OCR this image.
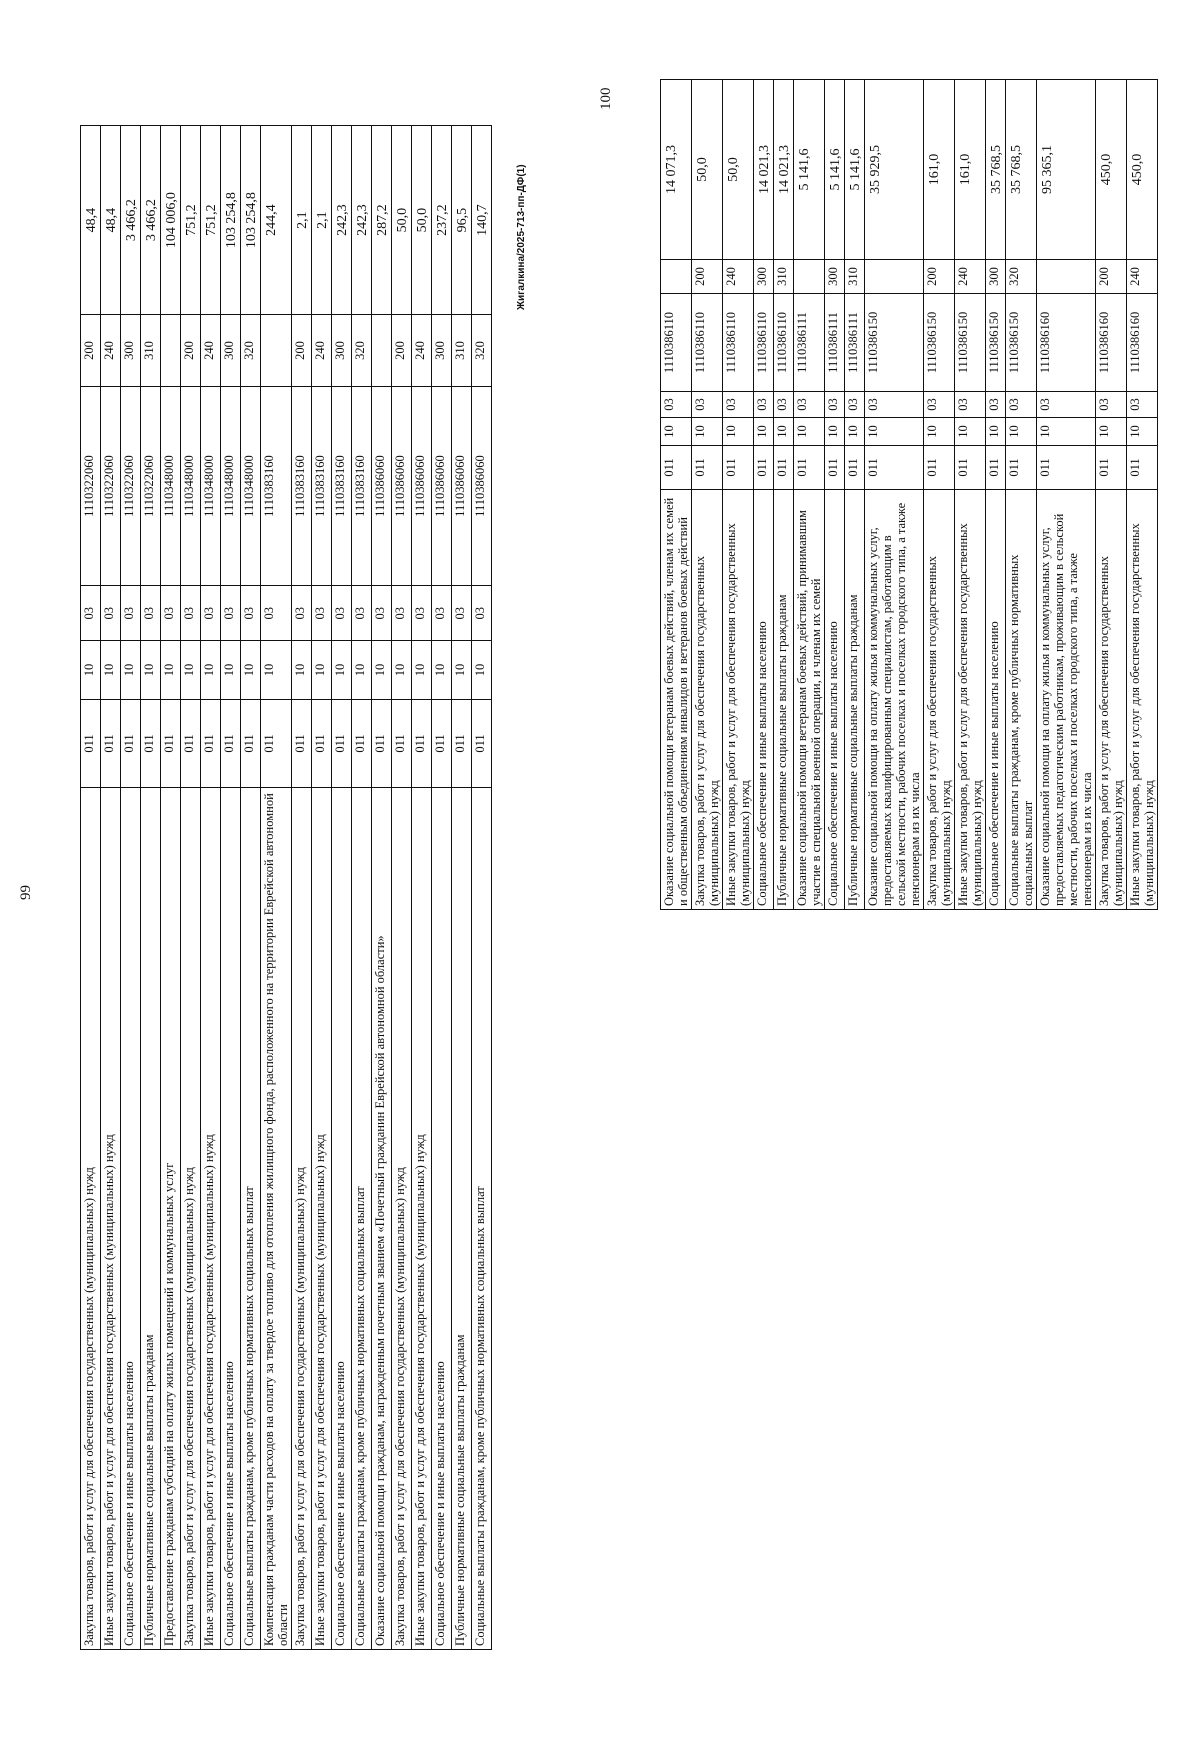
99
Закупка товаров, работ и услуг для обеспечения государственных (муниципальных) нужд	011	10	03	1110322060	200	48,4
Иные закупки товаров, работ и услуг для обеспечения государственных (муниципальных) нужд	011	10	03	1110322060	240	48,4
Социальное обеспечение и иные выплаты населению	011	10	03	1110322060	300	3 466,2
Публичные нормативные социальные выплаты гражданам	011	10	03	1110322060	310	3 466,2
Предоставление гражданам субсидий на оплату жилых помещений и коммунальных услуг	011	10	03	1110348000		104 006,0
Закупка товаров, работ и услуг для обеспечения государственных (муниципальных) нужд	011	10	03	1110348000	200	751,2
Иные закупки товаров, работ и услуг для обеспечения государственных (муниципальных) нужд	011	10	03	1110348000	240	751,2
Социальное обеспечение и иные выплаты населению	011	10	03	1110348000	300	103 254,8
Социальные выплаты гражданам, кроме публичных нормативных социальных выплат	011	10	03	1110348000	320	103 254,8
Компенсация гражданам части расходов на оплату за твердое топливо для отопления жилищного фонда, расположенного на территории Еврейской автономной области	011	10	03	1110383160		244,4
Закупка товаров, работ и услуг для обеспечения государственных (муниципальных) нужд	011	10	03	1110383160	200	2,1
Иные закупки товаров, работ и услуг для обеспечения государственных (муниципальных) нужд	011	10	03	1110383160	240	2,1
Социальное обеспечение и иные выплаты населению	011	10	03	1110383160	300	242,3
Социальные выплаты гражданам, кроме публичных нормативных социальных выплат	011	10	03	1110383160	320	242,3
Оказание социальной помощи гражданам, награжденным почетным званием «Почетный гражданин Еврейской автономной области»	011	10	03	1110386060		287,2
Закупка товаров, работ и услуг для обеспечения государственных (муниципальных) нужд	011	10	03	1110386060	200	50,0
Иные закупки товаров, работ и услуг для обеспечения государственных (муниципальных) нужд	011	10	03	1110386060	240	50,0
Социальное обеспечение и иные выплаты населению	011	10	03	1110386060	300	237,2
Публичные нормативные социальные выплаты гражданам	011	10	03	1110386060	310	96,5
Социальные выплаты гражданам, кроме публичных нормативных социальных выплат	011	10	03	1110386060	320	140,7	Жигалкина/2025-713-пп-ДФ(1)
100
Оказание социальной помощи ветеранам боевых действий, членам их семей и общественным объединениям инвалидов и ветеранов боевых действий	011	10	03	1110386110		14 071,3
Закупка товаров, работ и услуг для обеспечения государственных (муниципальных) нужд	011	10	03	1110386110	200	50,0
Иные закупки товаров, работ и услуг для обеспечения государственных (муниципальных) нужд	011	10	03	1110386110	240	50,0
Социальное обеспечение и иные выплаты населению	011	10	03	1110386110	300	14 021,3
Публичные нормативные социальные выплаты гражданам	011	10	03	1110386110	310	14 021,3
Оказание социальной помощи ветеранам боевых действий, принимавшим участие в специальной военной операции, и членам их семей	011	10	03	1110386111		5 141,6
Социальное обеспечение и иные выплаты населению	011	10	03	1110386111	300	5 141,6
Публичные нормативные социальные выплаты гражданам	011	10	03	1110386111	310	5 141,6
Оказание социальной помощи на оплату жилья и коммунальных услуг, предоставляемых квалифицированным специалистам, работающим в сельской местности, рабочих поселках и поселках городского типа, а также пенсионерам из их числа	011	10	03	1110386150		35 929,5
Закупка товаров, работ и услуг для обеспечения государственных (муниципальных) нужд	011	10	03	1110386150	200	161,0
Иные закупки товаров, работ и услуг для обеспечения государственных (муниципальных) нужд	011	10	03	1110386150	240	161,0
Социальное обеспечение и иные выплаты населению	011	10	03	1110386150	300	35 768,5
Социальные выплаты гражданам, кроме публичных нормативных социальных выплат	011	10	03	1110386150	320	35 768,5
Оказание социальной помощи на оплату жилья и коммунальных услуг, предоставляемых педагогическим работникам, проживающим в сельской местности, рабочих поселках и поселках городского типа, а также пенсионерам из их числа	011	10	03	1110386160		95 365,1
Закупка товаров, работ и услуг для обеспечения государственных (муниципальных) нужд	011	10	03	1110386160	200	450,0
Иные закупки товаров, работ и услуг для обеспечения государственных (муниципальных) нужд	011	10	03	1110386160	240	450,0
